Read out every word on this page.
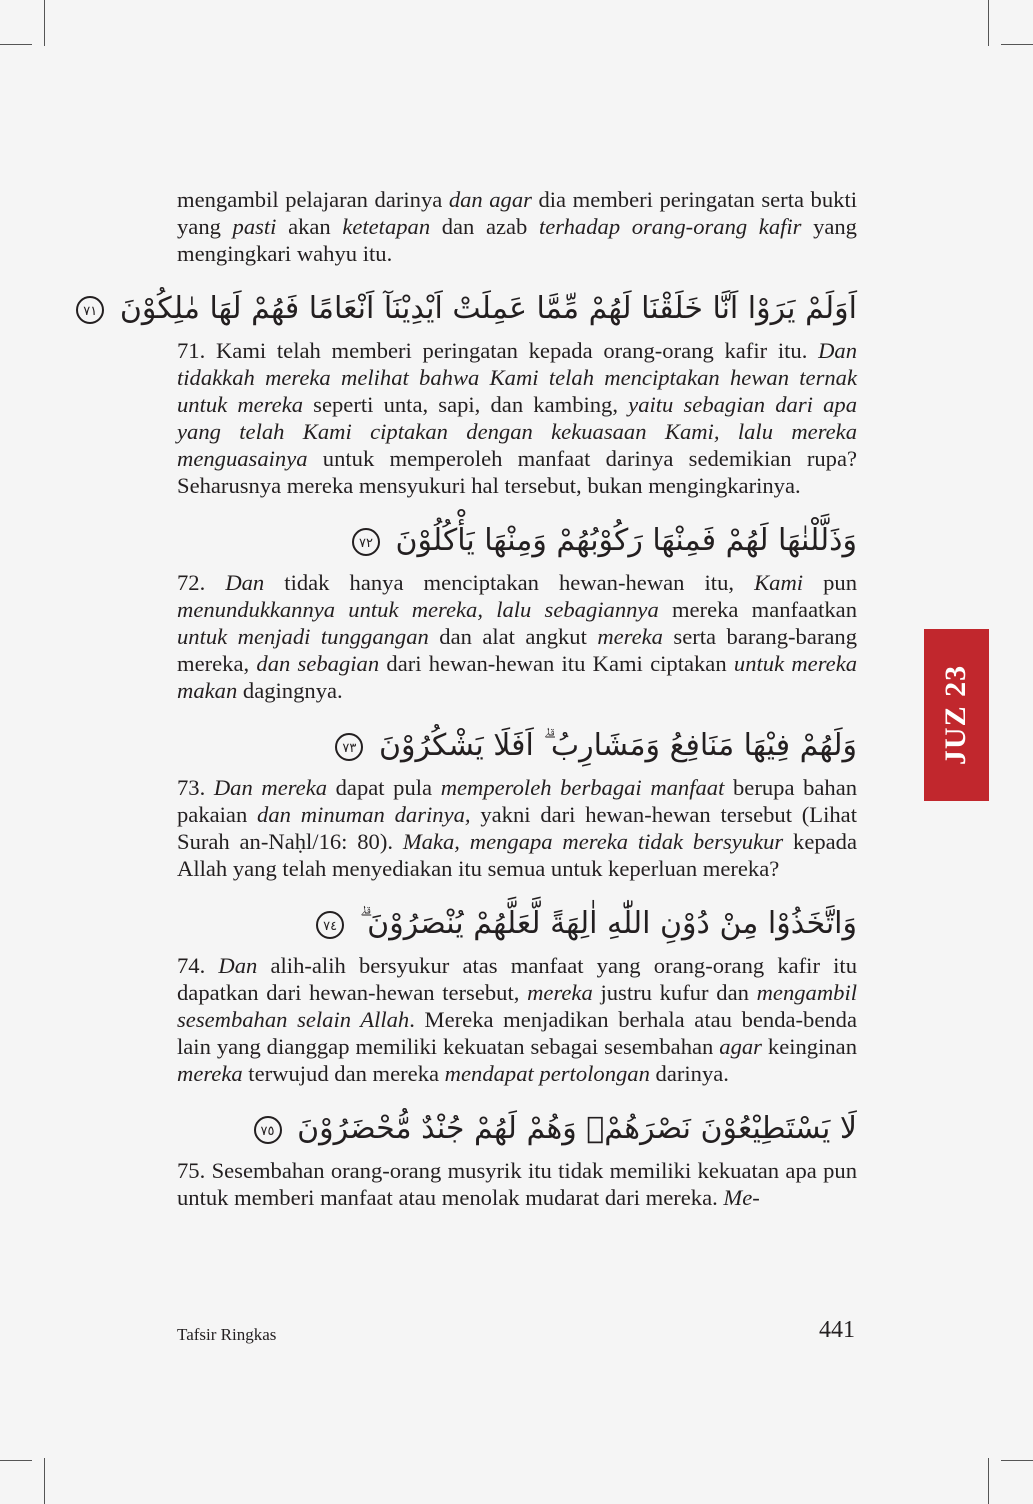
mengambil pelajaran darinya dan agar dia memberi peringatan serta bukti yang pasti akan ketetapan dan azab terhadap orang-orang kafir yang mengingkari wahyu itu.

اَوَلَمْ يَرَوْا اَنَّا خَلَقْنَا لَهُمْ مِّمَّا عَمِلَتْ اَيْدِيْنَآ اَنْعَامًا فَهُمْ لَهَا مٰلِكُوْنَ ٧١

71. Kami telah memberi peringatan kepada orang-orang kafir itu. Dan tidakkah mereka melihat bahwa Kami telah menciptakan hewan ternak untuk mereka seperti unta, sapi, dan kambing, yaitu sebagian dari apa yang telah Kami ciptakan dengan kekuasaan Kami, lalu mereka menguasainya untuk memperoleh manfaat darinya sedemikian rupa? Seharusnya mereka mensyukuri hal tersebut, bukan mengingkarinya.

وَذَلَّلْنٰهَا لَهُمْ فَمِنْهَا رَكُوْبُهُمْ وَمِنْهَا يَأْكُلُوْنَ ٧٢

72. Dan tidak hanya menciptakan hewan-hewan itu, Kami pun menundukkannya untuk mereka, lalu sebagiannya mereka manfaatkan untuk menjadi tunggangan dan alat angkut mereka serta barang-barang mereka, dan sebagian dari hewan-hewan itu Kami ciptakan untuk mereka makan dagingnya.

وَلَهُمْ فِيْهَا مَنَافِعُ وَمَشَارِبُ ۗ اَفَلَا يَشْكُرُوْنَ ٧٣

73. Dan mereka dapat pula memperoleh berbagai manfaat berupa bahan pakaian dan minuman darinya, yakni dari hewan-hewan tersebut (Lihat Surah an-Naḥl/16: 80). Maka, mengapa mereka tidak bersyukur kepada Allah yang telah menyediakan itu semua untuk keperluan mereka?

وَاتَّخَذُوْا مِنْ دُوْنِ اللّٰهِ اٰلِهَةً لَّعَلَّهُمْ يُنْصَرُوْنَ ۗ ٧٤

74. Dan alih-alih bersyukur atas manfaat yang orang-orang kafir itu dapatkan dari hewan-hewan tersebut, mereka justru kufur dan mengambil sesembahan selain Allah. Mereka menjadikan berhala atau benda-benda lain yang dianggap memiliki kekuatan sebagai sesembahan agar keinginan mereka terwujud dan mereka mendapat pertolongan darinya.

لَا يَسْتَطِيْعُوْنَ نَصْرَهُمْۙ وَهُمْ لَهُمْ جُنْدٌ مُّحْضَرُوْنَ ٧٥

75. Sesembahan orang-orang musyrik itu tidak memiliki kekuatan apa pun untuk memberi manfaat atau menolak mudarat dari mereka. Me-

JUZ 23
Tafsir Ringkas	441
